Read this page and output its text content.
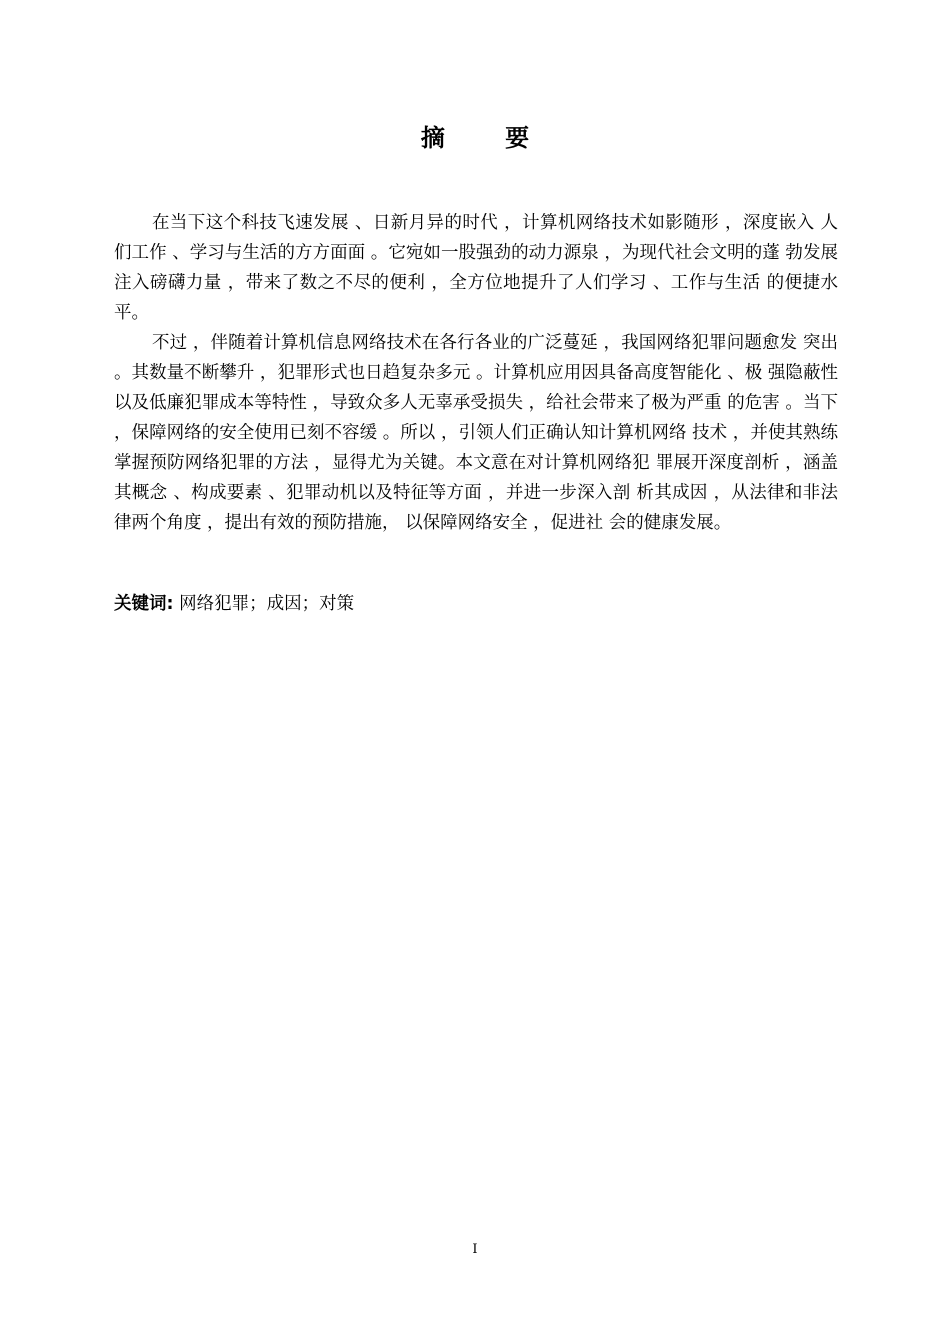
摘 要

在当下这个科技飞速发展 、日新月异的时代 ，计算机网络技术如影随形 ，深度嵌入 人们工作 、学习与生活的方方面面 。它宛如一股强劲的动力源泉 ，为现代社会文明的蓬 勃发展注入磅礴力量 ，带来了数之不尽的便利 ，全方位地提升了人们学习 、工作与生活 的便捷水平。

不过 ，伴随着计算机信息网络技术在各行各业的广泛蔓延 ，我国网络犯罪问题愈发 突出 。其数量不断攀升 ，犯罪形式也日趋复杂多元 。计算机应用因具备高度智能化 、极 强隐蔽性以及低廉犯罪成本等特性 ，导致众多人无辜承受损失 ，给社会带来了极为严重 的危害 。当下 ，保障网络的安全使用已刻不容缓 。所以 ，引领人们正确认知计算机网络 技术 ，并使其熟练掌握预防网络犯罪的方法 ，显得尤为关键。本文意在对计算机网络犯 罪展开深度剖析 ，涵盖其概念 、构成要素 、犯罪动机以及特征等方面 ，并进一步深入剖 析其成因 ，从法律和非法律两个角度 ，提出有效的预防措施， 以保障网络安全 ，促进社 会的健康发展。

关键词: 网络犯罪；成因；对策
I
